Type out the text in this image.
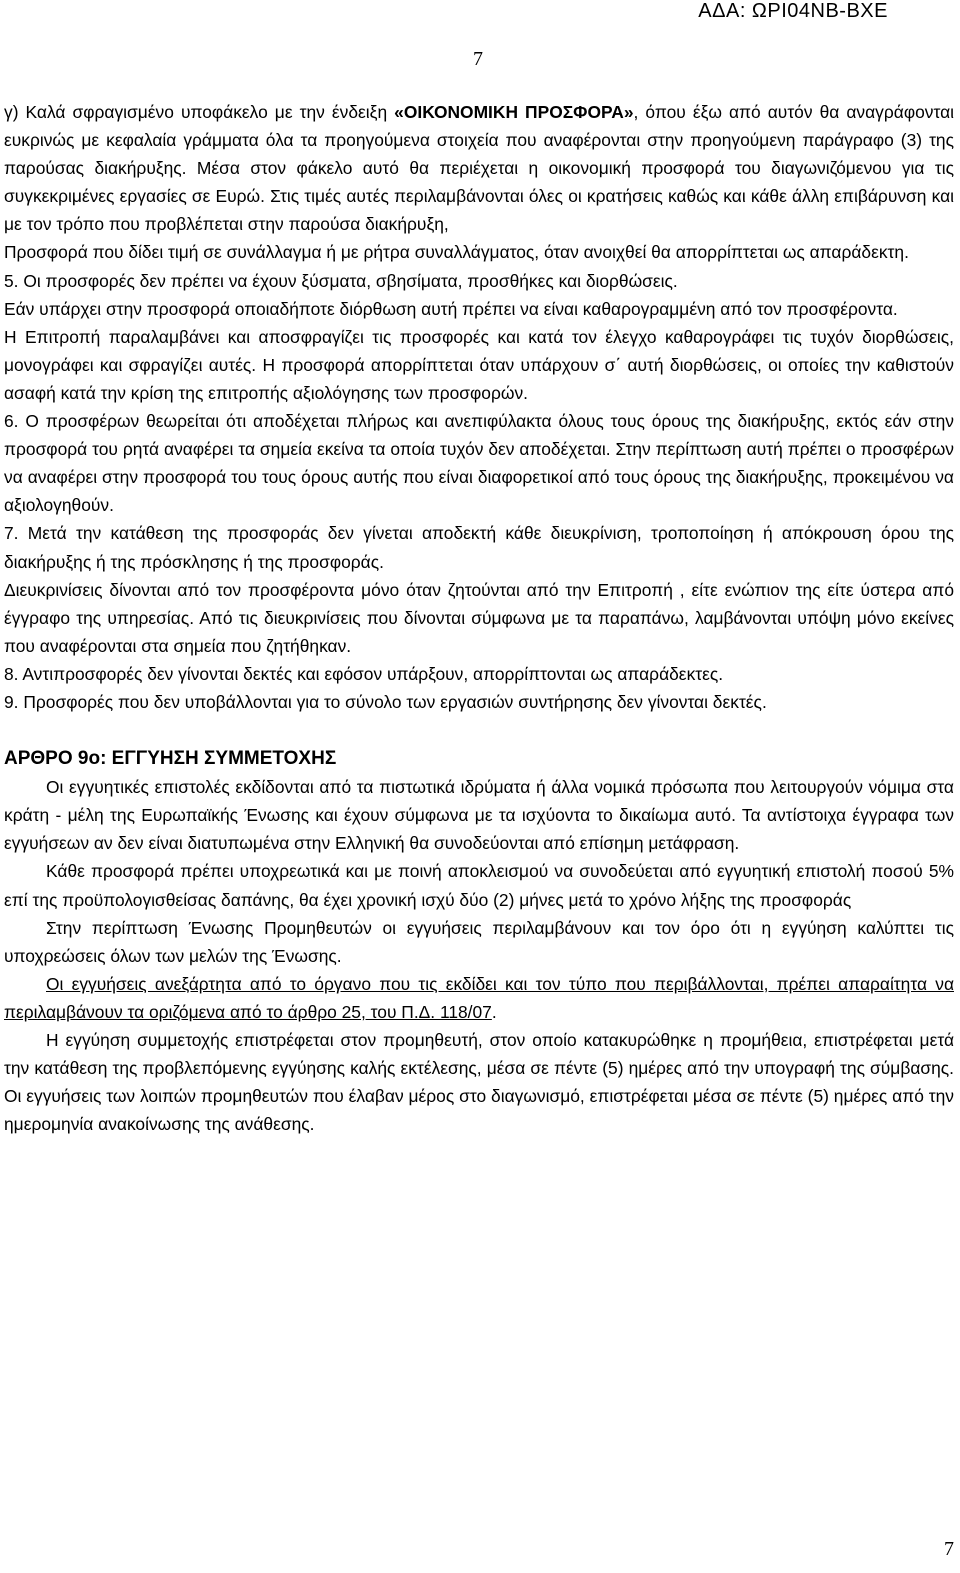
ΑΔΑ: ΩΡΙ04ΝΒ-ΒΧΕ
7

γ) Καλά σφραγισμένο υποφάκελο με την ένδειξη «ΟΙΚΟΝΟΜΙΚΗ ΠΡΟΣΦΟΡΑ», όπου έξω από αυτόν θα αναγράφονται ευκρινώς με κεφαλαία γράμματα όλα τα προηγούμενα στοιχεία που αναφέρονται στην προηγούμενη παράγραφο (3) της παρούσας διακήρυξης. Μέσα στον φάκελο αυτό θα περιέχεται η οικονομική προσφορά του διαγωνιζόμενου για τις συγκεκριμένες εργασίες σε Ευρώ. Στις τιμές αυτές περιλαμβάνονται όλες οι κρατήσεις καθώς και κάθε άλλη επιβάρυνση και με τον τρόπο που προβλέπεται στην παρούσα διακήρυξη,

Προσφορά που δίδει τιμή σε συνάλλαγμα ή με ρήτρα συναλλάγματος, όταν ανοιχθεί θα απορρίπτεται ως απαράδεκτη.

5. Οι προσφορές δεν πρέπει να έχουν ξύσματα, σβησίματα, προσθήκες και διορθώσεις.

Εάν υπάρχει στην προσφορά οποιαδήποτε διόρθωση αυτή πρέπει να είναι καθαρογραμμένη από τον προσφέροντα.

Η Επιτροπή παραλαμβάνει και αποσφραγίζει τις προσφορές και κατά τον έλεγχο καθαρογράφει τις τυχόν διορθώσεις, μονογράφει και σφραγίζει αυτές. Η προσφορά απορρίπτεται όταν υπάρχουν σ΄ αυτή διορθώσεις, οι οποίες την καθιστούν ασαφή κατά την κρίση της επιτροπής αξιολόγησης των προσφορών.

6. Ο προσφέρων θεωρείται ότι αποδέχεται πλήρως και ανεπιφύλακτα όλους τους όρους της διακήρυξης, εκτός εάν στην προσφορά του ρητά αναφέρει τα σημεία εκείνα τα οποία τυχόν δεν αποδέχεται. Στην περίπτωση αυτή πρέπει ο προσφέρων να αναφέρει στην προσφορά του τους όρους αυτής που είναι διαφορετικοί από τους όρους της διακήρυξης, προκειμένου να αξιολογηθούν.

7. Μετά την κατάθεση της προσφοράς δεν γίνεται αποδεκτή κάθε διευκρίνιση, τροποποίηση ή απόκρουση όρου της διακήρυξης ή της πρόσκλησης ή της προσφοράς.

Διευκρινίσεις δίνονται από τον προσφέροντα μόνο όταν ζητούνται από την Επιτροπή , είτε ενώπιον της είτε ύστερα από έγγραφο της υπηρεσίας. Από τις διευκρινίσεις που δίνονται σύμφωνα με τα παραπάνω, λαμβάνονται υπόψη μόνο εκείνες που αναφέρονται στα σημεία που ζητήθηκαν.

8. Αντιπροσφορές δεν γίνονται δεκτές και εφόσον υπάρξουν, απορρίπτονται ως απαράδεκτες.

9. Προσφορές που δεν υποβάλλονται για το σύνολο των εργασιών συντήρησης δεν γίνονται δεκτές.

ΑΡΘΡΟ 9ο: ΕΓΓΥΗΣΗ ΣΥΜΜΕΤΟΧΗΣ

Οι εγγυητικές επιστολές εκδίδονται από τα πιστωτικά ιδρύματα ή άλλα νομικά πρόσωπα που λειτουργούν νόμιμα στα κράτη - μέλη της Ευρωπαϊκής Ένωσης και έχουν σύμφωνα με τα ισχύοντα το δικαίωμα αυτό. Τα αντίστοιχα έγγραφα των εγγυήσεων αν δεν είναι διατυπωμένα στην Ελληνική θα συνοδεύονται από επίσημη μετάφραση.

Κάθε προσφορά πρέπει υποχρεωτικά και με ποινή αποκλεισμού να συνοδεύεται από εγγυητική επιστολή ποσού 5% επί της προϋπολογισθείσας δαπάνης, θα έχει χρονική ισχύ δύο (2) μήνες μετά το χρόνο λήξης της προσφοράς

Στην περίπτωση Ένωσης Προμηθευτών οι εγγυήσεις περιλαμβάνουν και τον όρο ότι η εγγύηση καλύπτει τις υποχρεώσεις όλων των μελών της Ένωσης.

Οι εγγυήσεις ανεξάρτητα από το όργανο που τις εκδίδει και τον τύπο που περιβάλλονται, πρέπει απαραίτητα να περιλαμβάνουν τα οριζόμενα από το άρθρο 25, του Π.Δ. 118/07.

Η εγγύηση συμμετοχής επιστρέφεται στον προμηθευτή, στον οποίο κατακυρώθηκε η προμήθεια, επιστρέφεται μετά την κατάθεση της προβλεπόμενης εγγύησης καλής εκτέλεσης, μέσα σε πέντε (5) ημέρες από την υπογραφή της σύμβασης. Οι εγγυήσεις των λοιπών προμηθευτών που έλαβαν μέρος στο διαγωνισμό, επιστρέφεται μέσα σε πέντε (5) ημέρες από την ημερομηνία ανακοίνωσης της ανάθεσης.

7
